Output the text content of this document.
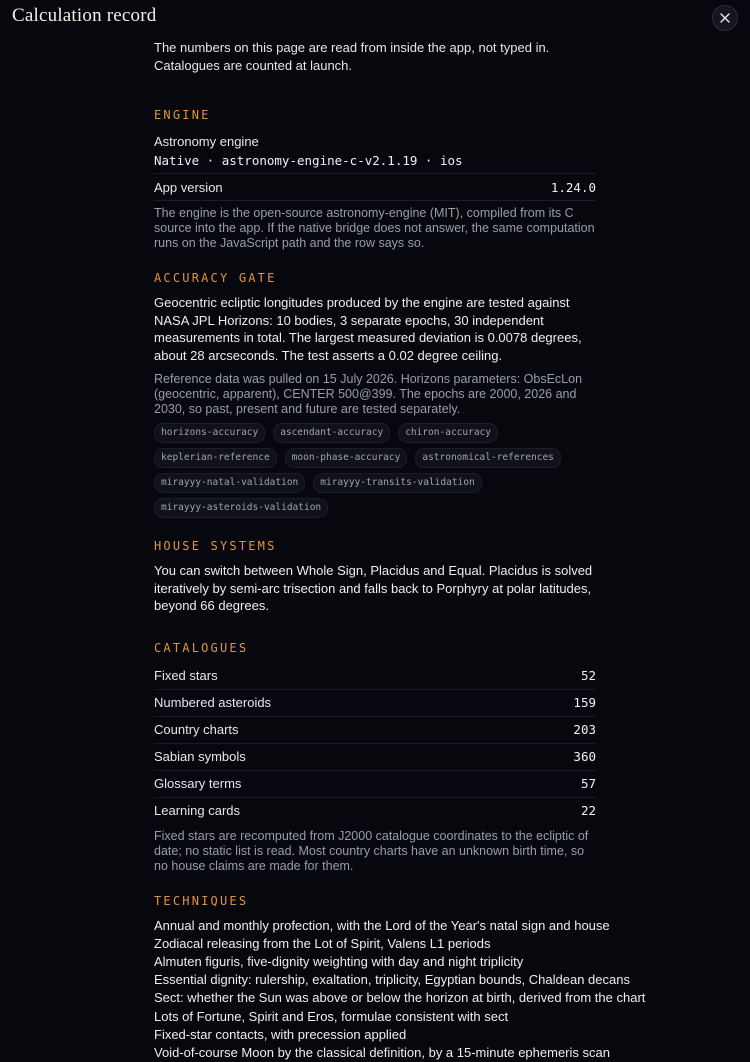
Calculation record

The numbers on this page are read from inside the app, not typed in. Catalogues are counted at launch.

ENGINE

Astronomy engine

Native · astronomy-engine-c-v2.1.19 · ios

App version	1.24.0

The engine is the open-source astronomy-engine (MIT), compiled from its C source into the app. If the native bridge does not answer, the same computation runs on the JavaScript path and the row says so.

ACCURACY GATE

Geocentric ecliptic longitudes produced by the engine are tested against NASA JPL Horizons: 10 bodies, 3 separate epochs, 30 independent measurements in total. The largest measured deviation is 0.0078 degrees, about 28 arcseconds. The test asserts a 0.02 degree ceiling.

Reference data was pulled on 15 July 2026. Horizons parameters: ObsEcLon (geocentric, apparent), CENTER 500@399. The epochs are 2000, 2026 and 2030, so past, present and future are tested separately.

horizons-accuracy	ascendant-accuracy	chiron-accuracy
keplerian-reference	moon-phase-accuracy	astronomical-references
mirayyy-natal-validation	mirayyy-transits-validation
mirayyy-asteroids-validation

HOUSE SYSTEMS

You can switch between Whole Sign, Placidus and Equal. Placidus is solved iteratively by semi-arc trisection and falls back to Porphyry at polar latitudes, beyond 66 degrees.

CATALOGUES

Fixed stars	52
Numbered asteroids	159
Country charts	203
Sabian symbols	360
Glossary terms	57
Learning cards	22

Fixed stars are recomputed from J2000 catalogue coordinates to the ecliptic of date; no static list is read. Most country charts have an unknown birth time, so no house claims are made for them.

TECHNIQUES

Annual and monthly profection, with the Lord of the Year's natal sign and house
Zodiacal releasing from the Lot of Spirit, Valens L1 periods
Almuten figuris, five-dignity weighting with day and night triplicity
Essential dignity: rulership, exaltation, triplicity, Egyptian bounds, Chaldean decans
Sect: whether the Sun was above or below the horizon at birth, derived from the chart
Lots of Fortune, Spirit and Eros, formulae consistent with sect
Fixed-star contacts, with precession applied
Void-of-course Moon by the classical definition, by a 15-minute ephemeris scan
